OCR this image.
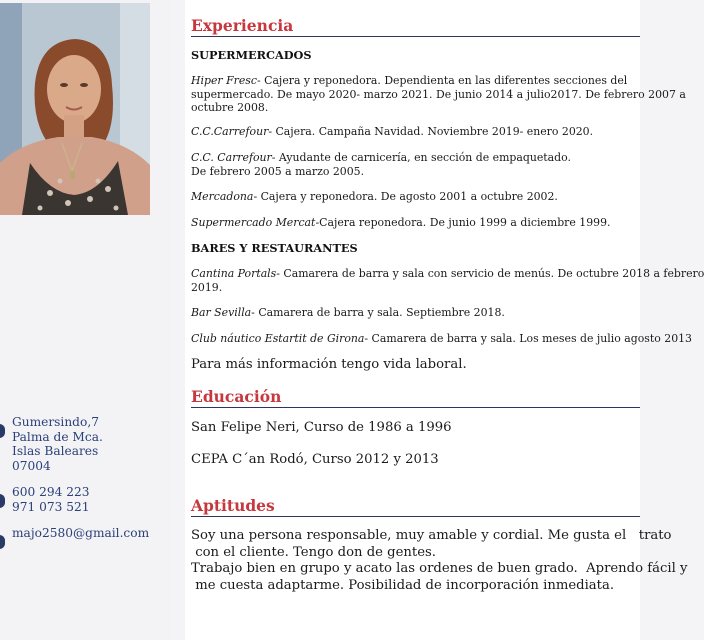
Gumersindo,7
Palma de Mca.
Islas Baleares
07004
600 294 223
971 073 521
majo2580@gmail.com
Experiencia
SUPERMERCADOS
Hiper Fresc- Cajera y reponedora. Dependienta en las diferentes secciones del
supermercado. De mayo 2020- marzo 2021. De junio 2014 a julio2017. De febrero 2007 a
octubre 2008.
C.C.Carrefour- Cajera. Campaña Navidad. Noviembre 2019- enero 2020.
C.C. Carrefour- Ayudante de carnicería, en sección de empaquetado.
De febrero 2005 a marzo 2005.
Mercadona- Cajera y reponedora. De agosto 2001 a octubre 2002.
Supermercado Mercat-Cajera reponedora. De junio 1999 a diciembre 1999.
BARES Y RESTAURANTES
Cantina Portals- Camarera de barra y sala con servicio de menús. De octubre 2018 a febrero
2019.
Bar Sevilla- Camarera de barra y sala. Septiembre 2018.
Club náutico Estartit de Girona- Camarera de barra y sala. Los meses de julio agosto 2013
Para más información tengo vida laboral.
Educación
San Felipe Neri, Curso de 1986 a 1996
CEPA C´an Rodó, Curso 2012 y 2013
Aptitudes
Soy una persona responsable, muy amable y cordial. Me gusta el   trato
con el cliente. Tengo don de gentes.
Trabajo bien en grupo y acato las ordenes de buen grado.  Aprendo fácil y
me cuesta adaptarme. Posibilidad de incorporación inmediata.
